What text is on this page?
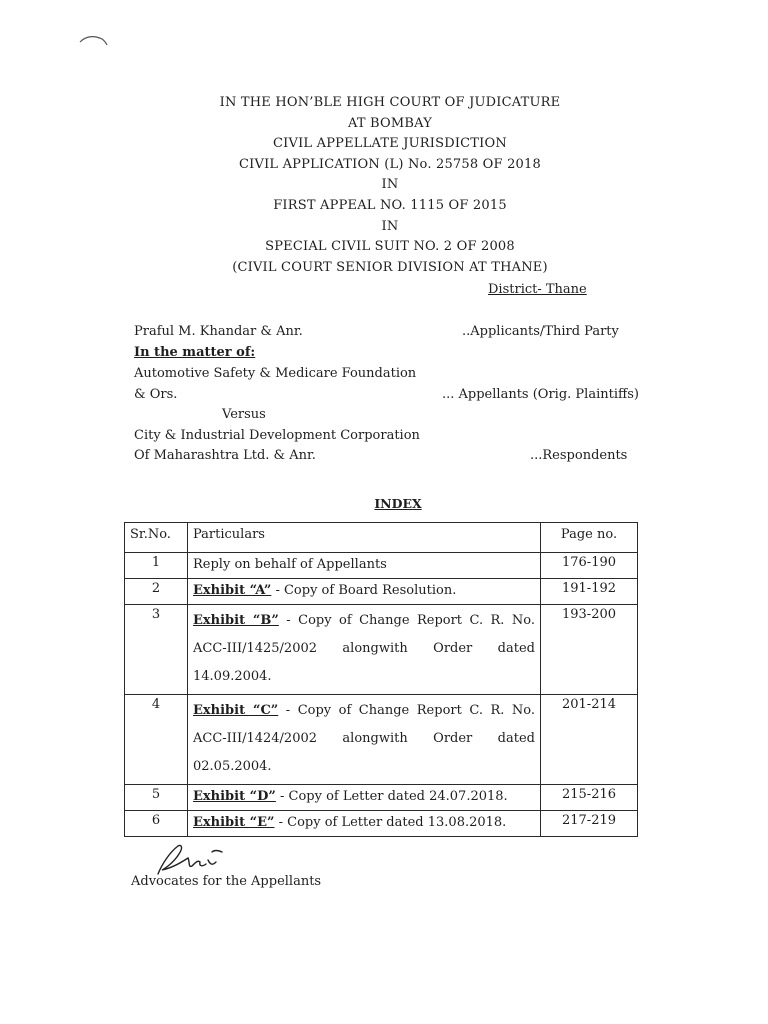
IN THE HON’BLE HIGH COURT OF JUDICATURE
AT BOMBAY
CIVIL APPELLATE JURISDICTION
CIVIL APPLICATION (L) No. 25758 OF 2018
IN
FIRST APPEAL NO. 1115 OF 2015
IN
SPECIAL CIVIL SUIT NO. 2 OF 2008
(CIVIL COURT SENIOR DIVISION AT THANE)
District- Thane
Praful M. Khandar & Anr.	..Applicants/Third Party
In the matter of:
Automotive Safety & Medicare Foundation
& Ors.	... Appellants (Orig. Plaintiffs)
Versus
City & Industrial Development Corporation
Of Maharashtra Ltd. & Anr.	...Respondents
INDEX
Sr.No.	Particulars	Page no.
1	Reply on behalf of Appellants	176-190
2	Exhibit “A” - Copy of Board Resolution.	191-192
3	Exhibit “B” - Copy of Change Report C. R. No. ACC-III/1425/2002 alongwith Order dated 14.09.2004.	193-200
4	Exhibit “C” - Copy of Change Report C. R. No. ACC-III/1424/2002 alongwith Order dated 02.05.2004.	201-214
5	Exhibit “D” - Copy of Letter dated 24.07.2018.	215-216
6	Exhibit “E” - Copy of Letter dated 13.08.2018.	217-219
Advocates for the Appellants
